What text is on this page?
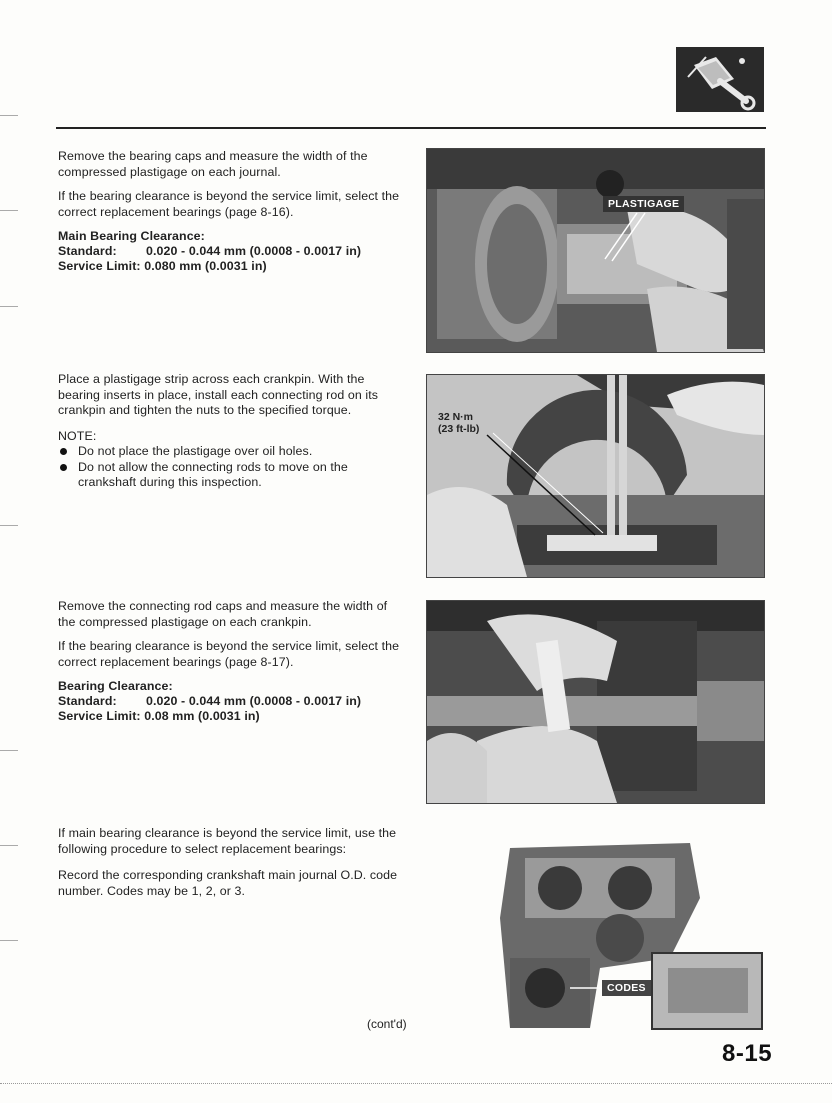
Remove the bearing caps and measure the width of the compressed plastigage on each journal.

If the bearing clearance is beyond the service limit, select the correct replacement bearings (page 8-16).

Main Bearing Clearance:
Standard: 0.020 - 0.044 mm (0.0008 - 0.0017 in)
Service Limit: 0.080 mm (0.0031 in)
PLASTIGAGE

Place a plastigage strip across each crankpin. With the bearing inserts in place, install each connecting rod on its crankpin and tighten the nuts to the specified torque.

NOTE:
Do not place the plastigage over oil holes.
Do not allow the connecting rods to move on the crankshaft during this inspection.
32 N·m
(23 ft-lb)

Remove the connecting rod caps and measure the width of the compressed plastigage on each crankpin.

If the bearing clearance is beyond the service limit, select the correct replacement bearings (page 8-17).

Bearing Clearance:
Standard: 0.020 - 0.044 mm (0.0008 - 0.0017 in)
Service Limit: 0.08 mm (0.0031 in)

If main bearing clearance is beyond the service limit, use the following procedure to select replacement bearings:

Record the corresponding crankshaft main journal O.D. code number. Codes may be 1, 2, or 3.

CODES
(cont'd)
8-15
